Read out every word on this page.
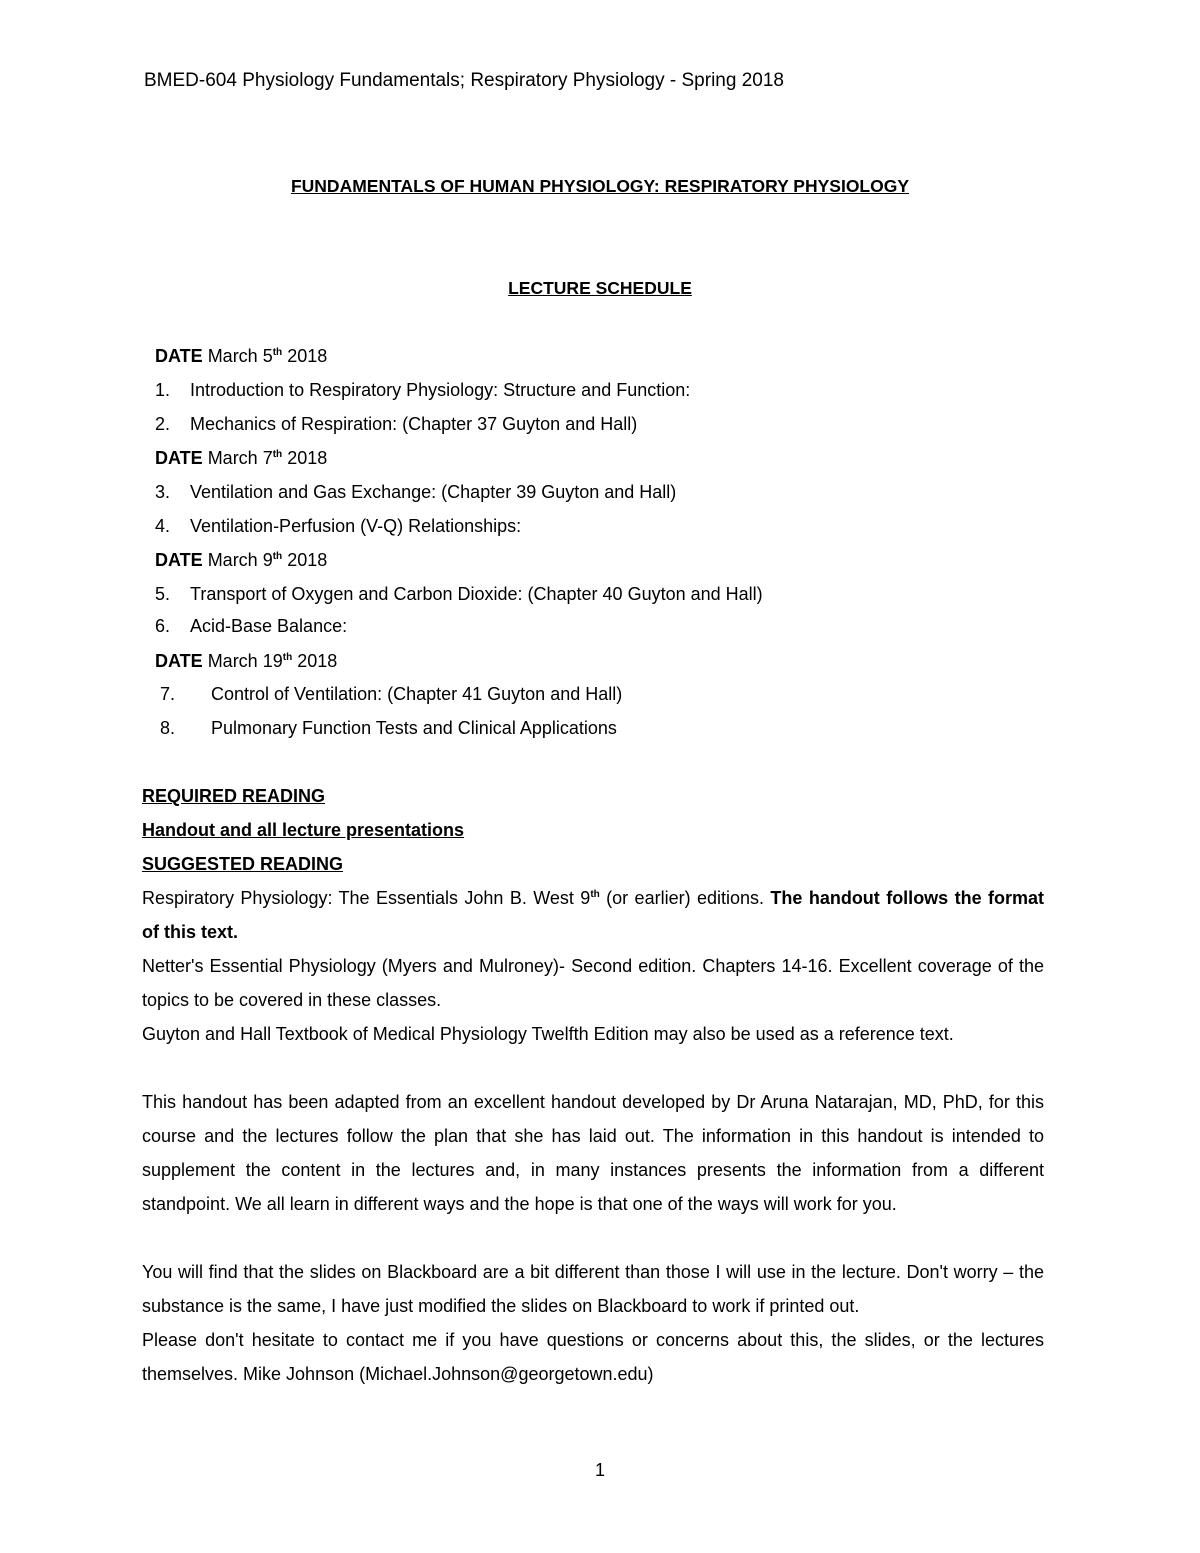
BMED-604 Physiology Fundamentals; Respiratory Physiology - Spring 2018
FUNDAMENTALS OF HUMAN PHYSIOLOGY: RESPIRATORY PHYSIOLOGY
LECTURE SCHEDULE
DATE March 5th 2018
1. Introduction to Respiratory Physiology: Structure and Function:
2. Mechanics of Respiration: (Chapter 37 Guyton and Hall)
DATE March 7th 2018
3. Ventilation and Gas Exchange: (Chapter 39 Guyton and Hall)
4. Ventilation-Perfusion (V-Q) Relationships:
DATE March 9th 2018
5. Transport of Oxygen and Carbon Dioxide: (Chapter 40 Guyton and Hall)
6. Acid-Base Balance:
DATE March 19th 2018
7. Control of Ventilation: (Chapter 41 Guyton and Hall)
8. Pulmonary Function Tests and Clinical Applications
REQUIRED READING
Handout and all lecture presentations
SUGGESTED READING
Respiratory Physiology: The Essentials John B. West 9th (or earlier) editions. The handout follows the format of this text.
Netter's Essential Physiology (Myers and Mulroney)- Second edition. Chapters 14-16. Excellent coverage of the topics to be covered in these classes.
Guyton and Hall Textbook of Medical Physiology Twelfth Edition may also be used as a reference text.
This handout has been adapted from an excellent handout developed by Dr Aruna Natarajan, MD, PhD, for this course and the lectures follow the plan that she has laid out. The information in this handout is intended to supplement the content in the lectures and, in many instances presents the information from a different standpoint. We all learn in different ways and the hope is that one of the ways will work for you.
You will find that the slides on Blackboard are a bit different than those I will use in the lecture. Don't worry – the substance is the same, I have just modified the slides on Blackboard to work if printed out.
Please don't hesitate to contact me if you have questions or concerns about this, the slides, or the lectures themselves. Mike Johnson (Michael.Johnson@georgetown.edu)
1
